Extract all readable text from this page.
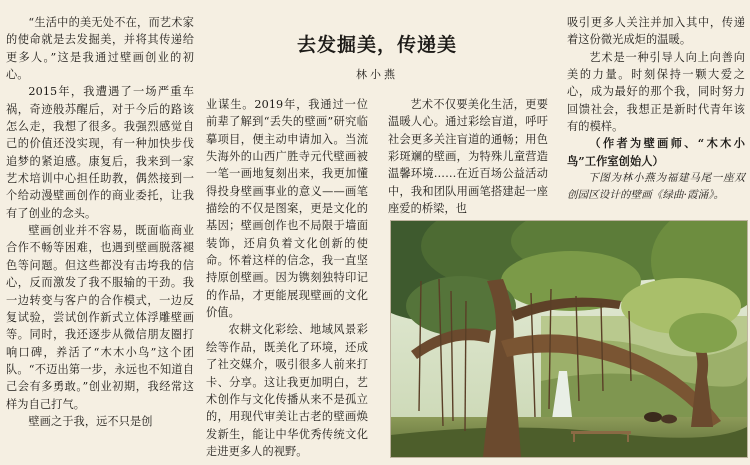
“生活中的美无处不在，而艺术家的使命就是去发掘美，并将其传递给更多人。”这是我通过壁画创业的初心。

2015年，我遭遇了一场严重车祸，奇迹般苏醒后，对于今后的路该怎么走，我想了很多。我强烈感觉自己的价值还没实现，有一种加快步伐追梦的紧迫感。康复后，我来到一家艺术培训中心担任助教，偶然接到一个给动漫壁画创作的商业委托，让我有了创业的念头。

壁画创业并不容易，既面临商业合作不畅等困难，也遇到壁画脱落褪色等问题。但这些都没有击垮我的信心，反而激发了我不服输的干劲。我一边转变与客户的合作模式，一边反复试验，尝试创作新式立体浮雕壁画等。同时，我还逐步从微信朋友圈打响口碑，养活了“木木小鸟”这个团队。“不迈出第一步，永远也不知道自己会有多勇敢。”创业初期，我经常这样为自己打气。

壁画之于我，远不只是创

去发掘美，传递美
林小燕

业谋生。2019年，我通过一位前辈了解到“丢失的壁画”研究临摹项目，便主动申请加入。当流失海外的山西广胜寺元代壁画被一笔一画地复刻出来，我更加懂得投身壁画事业的意义——画笔描绘的不仅是图案，更是文化的基因；壁画创作也不局限于墙面装饰，还肩负着文化创新的使命。怀着这样的信念，我一直坚持原创壁画。因为镌刻独特印记的作品，才更能展现壁画的文化价值。

农耕文化彩绘、地域风景彩绘等作品，既美化了环境，还成了社交媒介，吸引很多人前来打卡、分享。这让我更加明白，艺术创作与文化传播从来不是孤立的，用现代审美让古老的壁画焕发新生，能让中华优秀传统文化走进更多人的视野。

艺术不仅要美化生活，更要温暖人心。通过彩绘盲道，呼吁社会更多关注盲道的通畅；用色彩斑斓的壁画，为特殊儿童营造温馨环境……在近百场公益活动中，我和团队用画笔搭建起一座座爱的桥梁，也

吸引更多人关注并加入其中，传递着这份微光成炬的温暖。

艺术是一种引导人向上向善向美的力量。时刻保持一颗大爱之心，成为最好的那个我，同时努力回馈社会，我想正是新时代青年该有的模样。

（作者为壁画师、“木木小鸟”工作室创始人）

下图为林小燕为福建马尾一座双创园区设计的壁画《绿曲·霞涌》。
